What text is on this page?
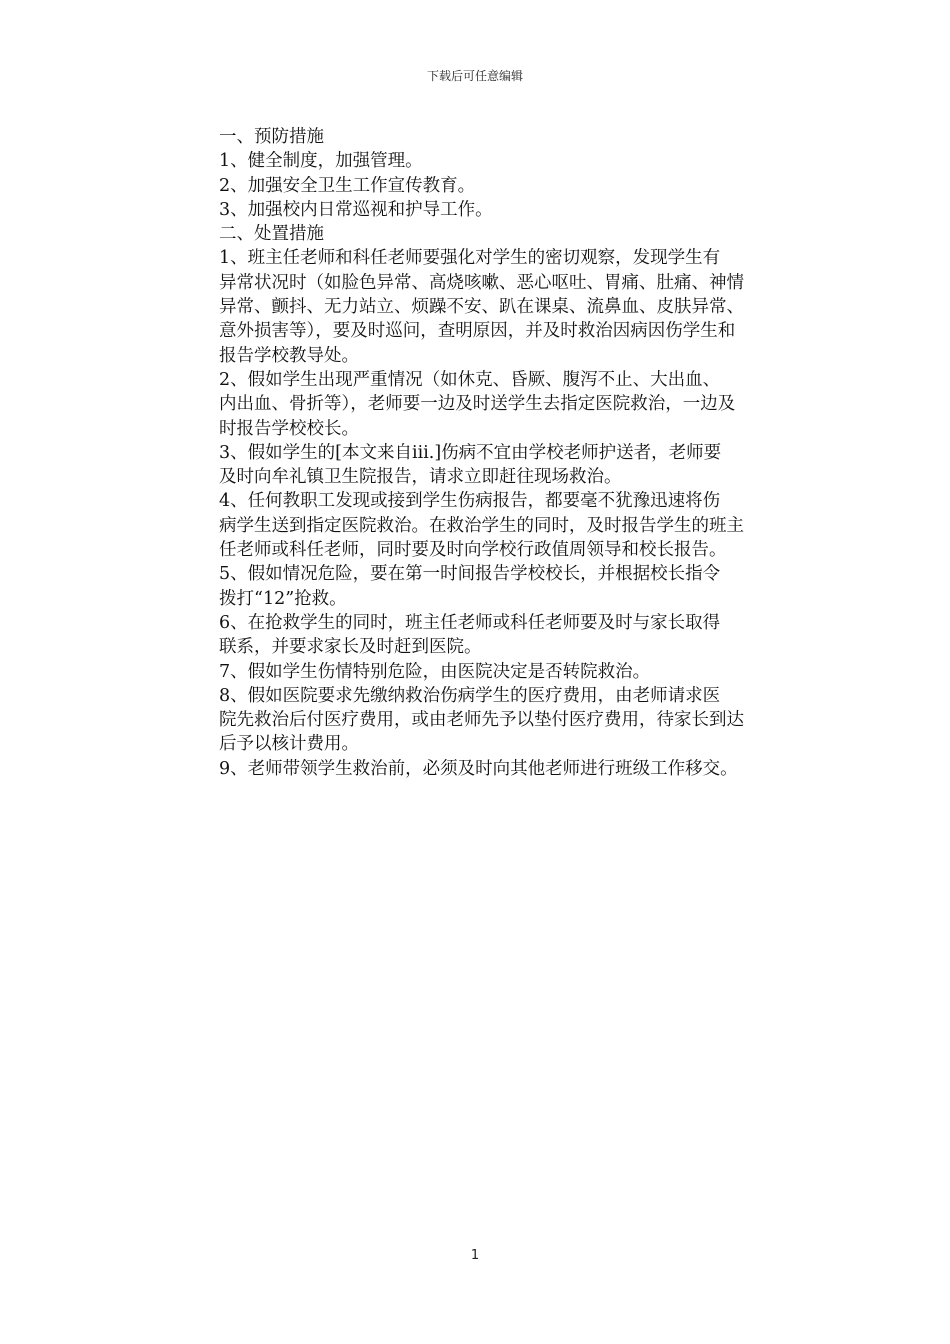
下载后可任意编辑

一、预防措施

1、健全制度，加强管理。

2、加强安全卫生工作宣传教育。

3、加强校内日常巡视和护导工作。

二、处置措施

1、班主任老师和科任老师要强化对学生的密切观察，发现学生有
异常状况时（如脸色异常、高烧咳嗽、恶心呕吐、胃痛、肚痛、神情
异常、颤抖、无力站立、烦躁不安、趴在课桌、流鼻血、皮肤异常、
意外损害等），要及时巡问，查明原因，并及时救治因病因伤学生和
报告学校教导处。

2、假如学生出现严重情况（如休克、昏厥、腹泻不止、大出血、
内出血、骨折等），老师要一边及时送学生去指定医院救治，一边及
时报告学校校长。

3、假如学生的[本文来自ⅲ.]伤病不宜由学校老师护送者，老师要
及时向牟礼镇卫生院报告，请求立即赶往现场救治。

4、任何教职工发现或接到学生伤病报告，都要毫不犹豫迅速将伤
病学生送到指定医院救治。在救治学生的同时，及时报告学生的班主
任老师或科任老师，同时要及时向学校行政值周领导和校长报告。

5、假如情况危险，要在第一时间报告学校校长，并根据校长指令
拨打“12”抢救。

6、在抢救学生的同时，班主任老师或科任老师要及时与家长取得
联系，并要求家长及时赶到医院。

7、假如学生伤情特别危险，由医院决定是否转院救治。

8、假如医院要求先缴纳救治伤病学生的医疗费用，由老师请求医
院先救治后付医疗费用，或由老师先予以垫付医疗费用，待家长到达
后予以核计费用。

9、老师带领学生救治前，必须及时向其他老师进行班级工作移交。

1
